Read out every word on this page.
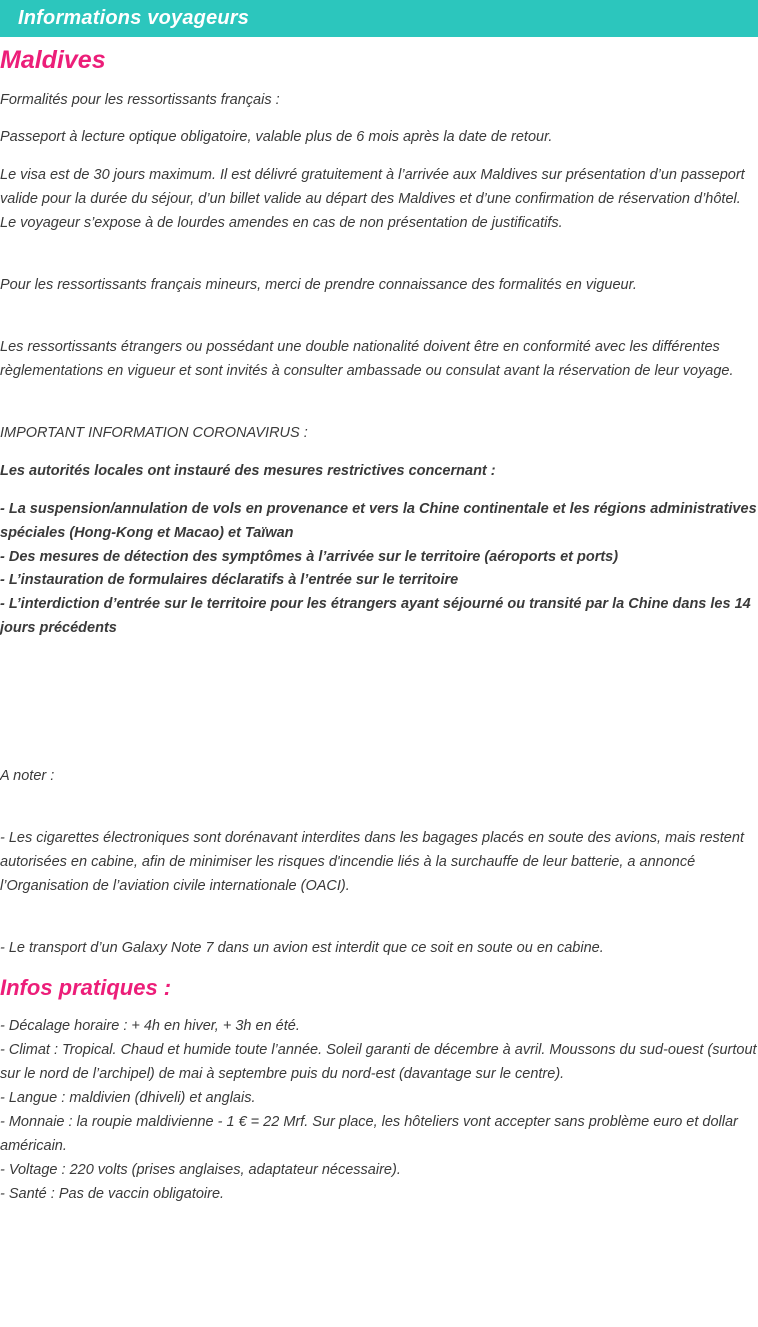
Informations voyageurs
Maldives

Formalités pour les ressortissants français :

Passeport à lecture optique obligatoire, valable plus de 6 mois après la date de retour.

Le visa est de 30 jours maximum. Il est délivré gratuitement à l’arrivée aux Maldives sur présentation d’un passeport valide pour la durée du séjour, d’un billet valide au départ des Maldives et d’une confirmation de réservation d’hôtel.

Le voyageur s’expose à de lourdes amendes en cas de non présentation de justificatifs.

Pour les ressortissants français mineurs, merci de prendre connaissance des formalités en vigueur.

Les ressortissants étrangers ou possédant une double nationalité doivent être en conformité avec les différentes règlementations en vigueur et sont invités à consulter ambassade ou consulat avant la réservation de leur voyage.

IMPORTANT INFORMATION CORONAVIRUS :

Les autorités locales ont instauré des mesures restrictives concernant :

- La suspension/annulation de vols en provenance et vers la Chine continentale et les régions administratives spéciales (Hong-Kong et Macao) et Taïwan

- Des mesures de détection des symptômes à l’arrivée sur le territoire (aéroports et ports)

- L’instauration de formulaires déclaratifs à l’entrée sur le territoire

- L’interdiction d’entrée sur le territoire pour les étrangers ayant séjourné ou transité par la Chine dans les 14 jours précédents

A noter :

- Les cigarettes électroniques sont dorénavant interdites dans les bagages placés en soute des avions, mais restent autorisées en cabine, afin de minimiser les risques d'incendie liés à la surchauffe de leur batterie, a annoncé l’Organisation de l’aviation civile internationale (OACI).

- Le transport d’un Galaxy Note 7 dans un avion est interdit que ce soit en soute ou en cabine.

Infos pratiques :

- Décalage horaire : + 4h en hiver, + 3h en été.

- Climat : Tropical. Chaud et humide toute l’année. Soleil garanti de décembre à avril. Moussons du sud-ouest (surtout sur le nord de l’archipel) de mai à septembre puis du nord-est (davantage sur le centre).

- Langue : maldivien (dhiveli) et anglais.

- Monnaie : la roupie maldivienne - 1 € = 22 Mrf. Sur place, les hôteliers vont accepter sans problème euro et dollar américain.

- Voltage : 220 volts (prises anglaises, adaptateur nécessaire).

- Santé : Pas de vaccin obligatoire.
